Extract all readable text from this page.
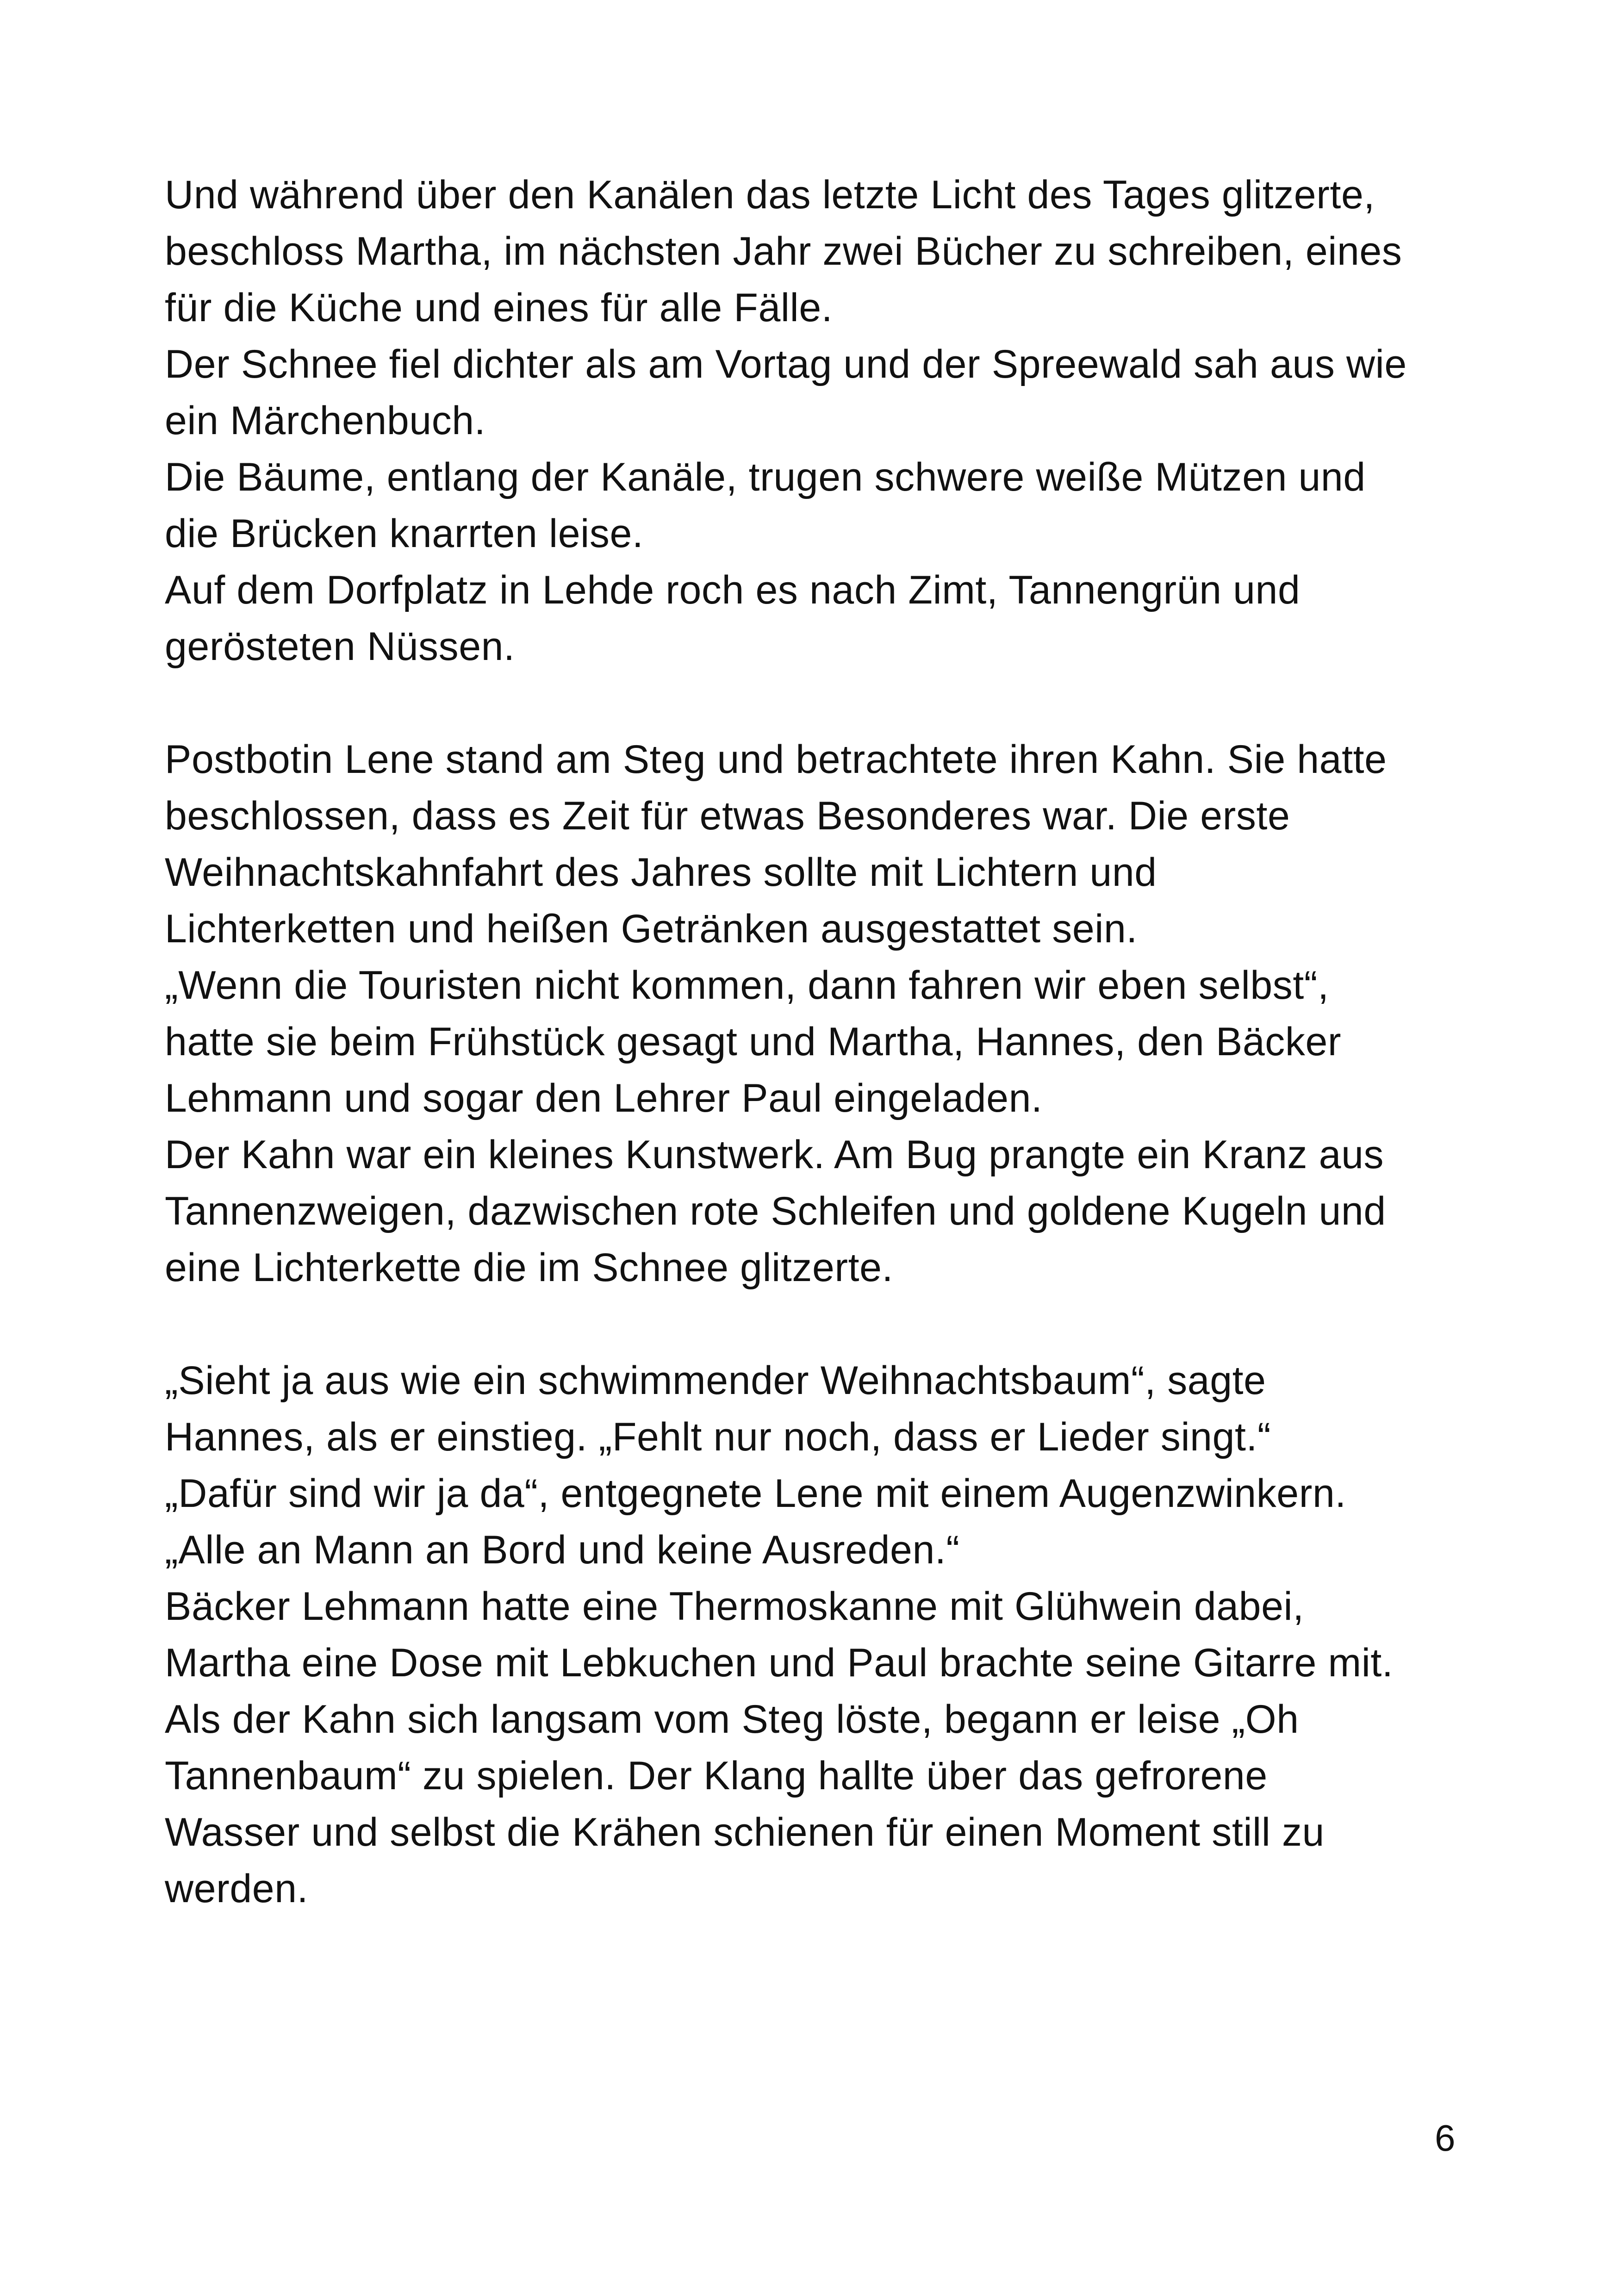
Und während über den Kanälen das letzte Licht des Tages glitzerte,
beschloss Martha, im nächsten Jahr zwei Bücher zu schreiben, eines
für die Küche und eines für alle Fälle.
Der Schnee fiel dichter als am Vortag und der Spreewald sah aus wie
ein Märchenbuch.
Die Bäume, entlang der Kanäle, trugen schwere weiße Mützen und
die Brücken knarrten leise.
Auf dem Dorfplatz in Lehde roch es nach Zimt, Tannengrün und
gerösteten Nüssen.
Postbotin Lene stand am Steg und betrachtete ihren Kahn. Sie hatte
beschlossen, dass es Zeit für etwas Besonderes war. Die erste
Weihnachtskahnfahrt des Jahres sollte mit Lichtern und
Lichterketten und heißen Getränken ausgestattet sein.
„Wenn die Touristen nicht kommen, dann fahren wir eben selbst“,
hatte sie beim Frühstück gesagt und Martha, Hannes, den Bäcker
Lehmann und sogar den Lehrer Paul eingeladen.
Der Kahn war ein kleines Kunstwerk. Am Bug prangte ein Kranz aus
Tannenzweigen, dazwischen rote Schleifen und goldene Kugeln und
eine Lichterkette die im Schnee glitzerte.
„Sieht ja aus wie ein schwimmender Weihnachtsbaum“, sagte
Hannes, als er einstieg. „Fehlt nur noch, dass er Lieder singt.“
„Dafür sind wir ja da“, entgegnete Lene mit einem Augenzwinkern.
„Alle an Mann an Bord und keine Ausreden.“
Bäcker Lehmann hatte eine Thermoskanne mit Glühwein dabei,
Martha eine Dose mit Lebkuchen und Paul brachte seine Gitarre mit.
Als der Kahn sich langsam vom Steg löste, begann er leise „Oh
Tannenbaum“ zu spielen. Der Klang hallte über das gefrorene
Wasser und selbst die Krähen schienen für einen Moment still zu
werden.
6
